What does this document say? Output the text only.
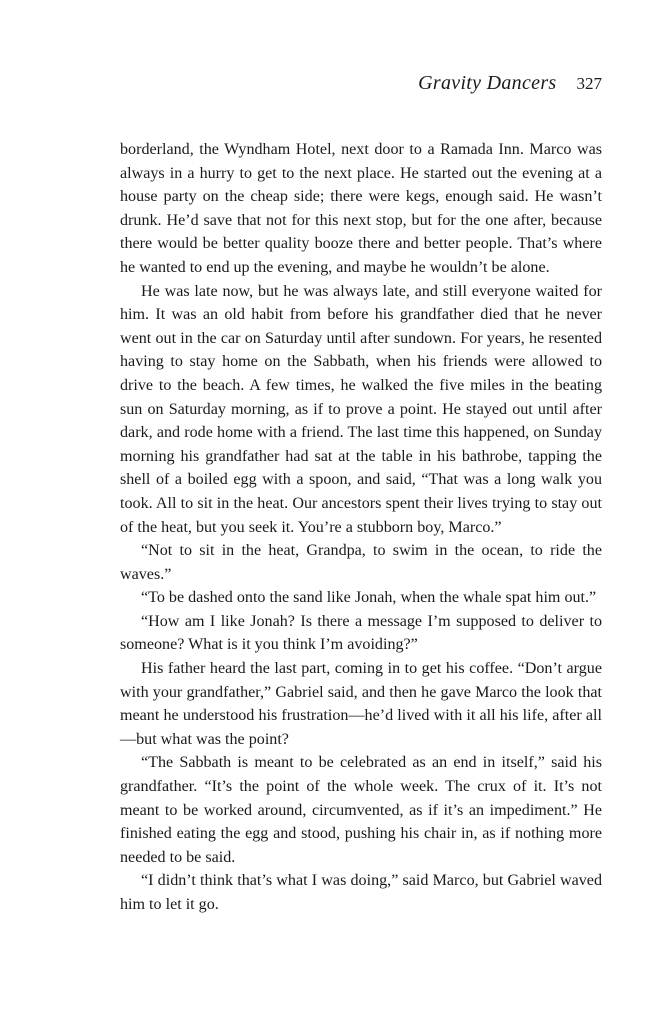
Gravity Dancers 327

borderland, the Wyndham Hotel, next door to a Ramada Inn. Marco was always in a hurry to get to the next place. He started out the evening at a house party on the cheap side; there were kegs, enough said. He wasn’t drunk. He’d save that not for this next stop, but for the one after, because there would be better quality booze there and better people. That’s where he wanted to end up the evening, and maybe he wouldn’t be alone.

He was late now, but he was always late, and still everyone waited for him. It was an old habit from before his grandfather died that he never went out in the car on Saturday until after sundown. For years, he resented having to stay home on the Sabbath, when his friends were allowed to drive to the beach. A few times, he walked the five miles in the beating sun on Saturday morning, as if to prove a point. He stayed out until after dark, and rode home with a friend. The last time this happened, on Sunday morning his grandfather had sat at the table in his bathrobe, tapping the shell of a boiled egg with a spoon, and said, “That was a long walk you took. All to sit in the heat. Our ancestors spent their lives trying to stay out of the heat, but you seek it. You’re a stubborn boy, Marco.”

“Not to sit in the heat, Grandpa, to swim in the ocean, to ride the waves.”

“To be dashed onto the sand like Jonah, when the whale spat him out.”

“How am I like Jonah? Is there a message I’m supposed to deliver to someone? What is it you think I’m avoiding?”

His father heard the last part, coming in to get his coffee. “Don’t argue with your grandfather,” Gabriel said, and then he gave Marco the look that meant he understood his frustration—he’d lived with it all his life, after all—but what was the point?

“The Sabbath is meant to be celebrated as an end in itself,” said his grandfather. “It’s the point of the whole week. The crux of it. It’s not meant to be worked around, circumvented, as if it’s an impediment.” He finished eating the egg and stood, pushing his chair in, as if nothing more needed to be said.

“I didn’t think that’s what I was doing,” said Marco, but Gabriel waved him to let it go.
